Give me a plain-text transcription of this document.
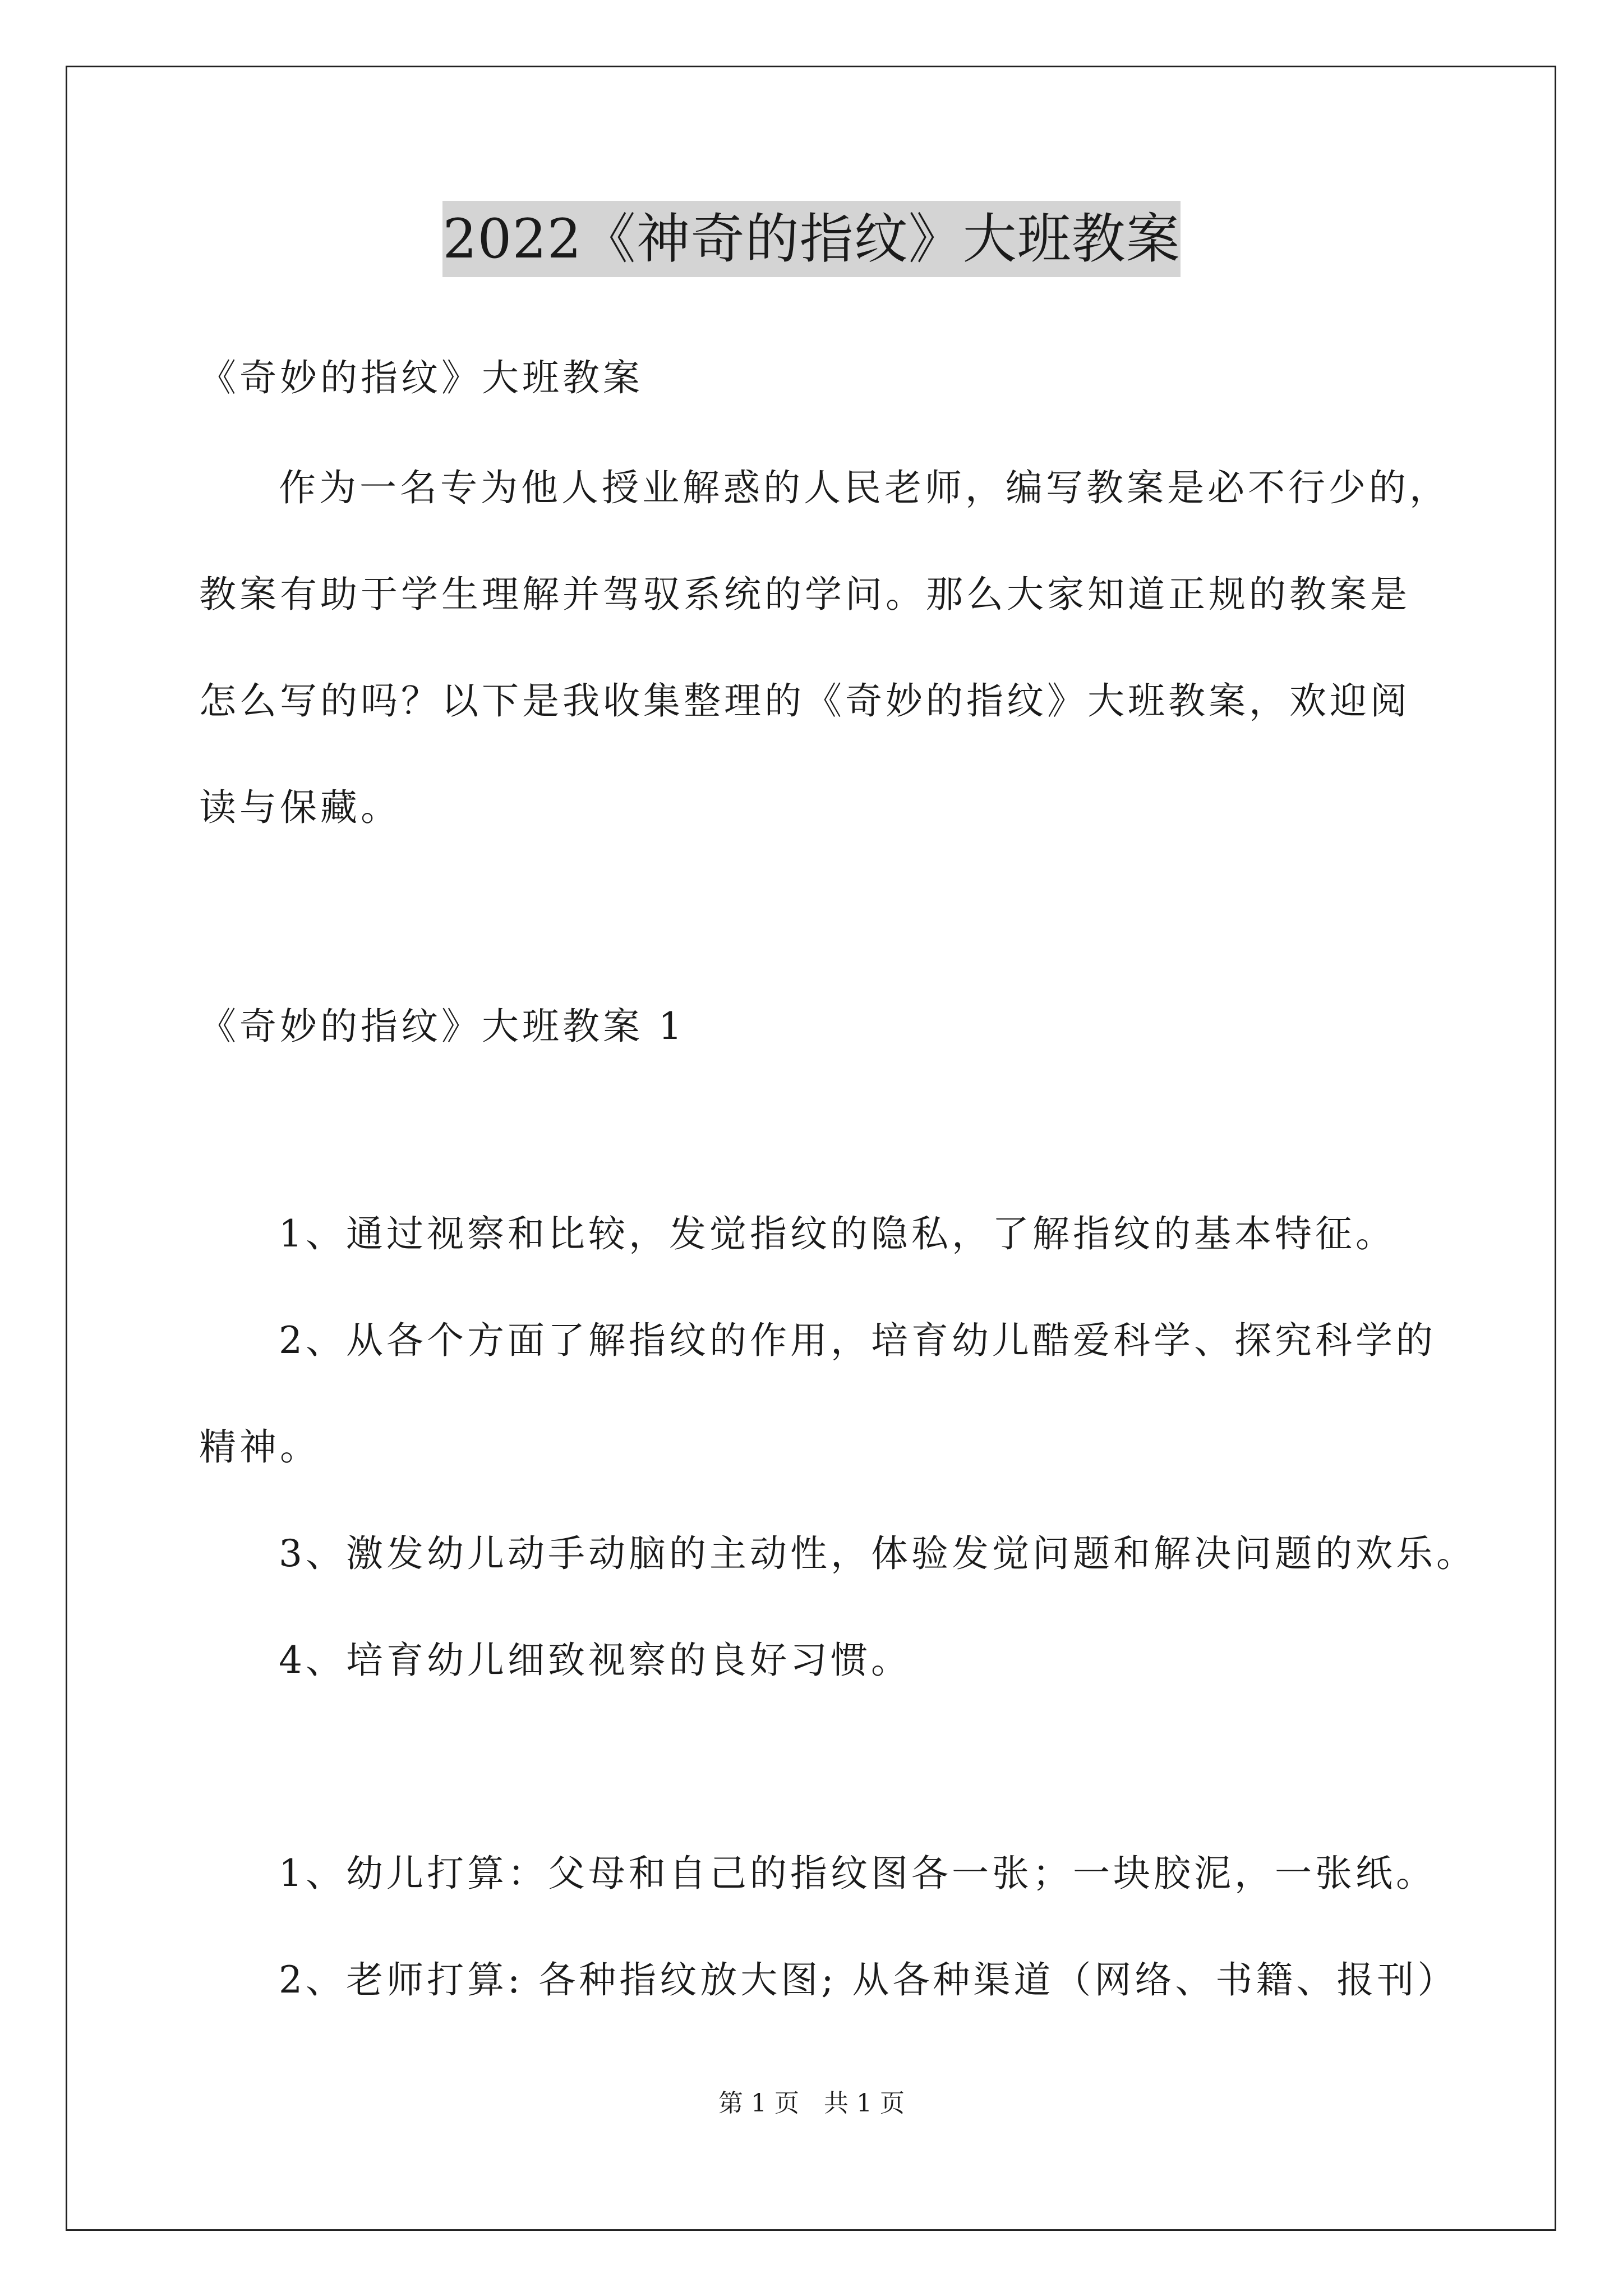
2022《神奇的指纹》大班教案
《奇妙的指纹》大班教案
作为一名专为他人授业解惑的人民老师，编写教案是必不行少的，
教案有助于学生理解并驾驭系统的学问。那么大家知道正规的教案是
怎么写的吗？以下是我收集整理的《奇妙的指纹》大班教案，欢迎阅
读与保藏。
《奇妙的指纹》大班教案 1
1、通过视察和比较，发觉指纹的隐私，了解指纹的基本特征。
2、从各个方面了解指纹的作用，培育幼儿酷爱科学、探究科学的
精神。
3、激发幼儿动手动脑的主动性，体验发觉问题和解决问题的欢乐。
4、培育幼儿细致视察的良好习惯。
1、幼儿打算：父母和自己的指纹图各一张；一块胶泥，一张纸。
2、老师打算: 各种指纹放大图; 从各种渠道（网络、书籍、报刊）
第 1 页　共 1 页
